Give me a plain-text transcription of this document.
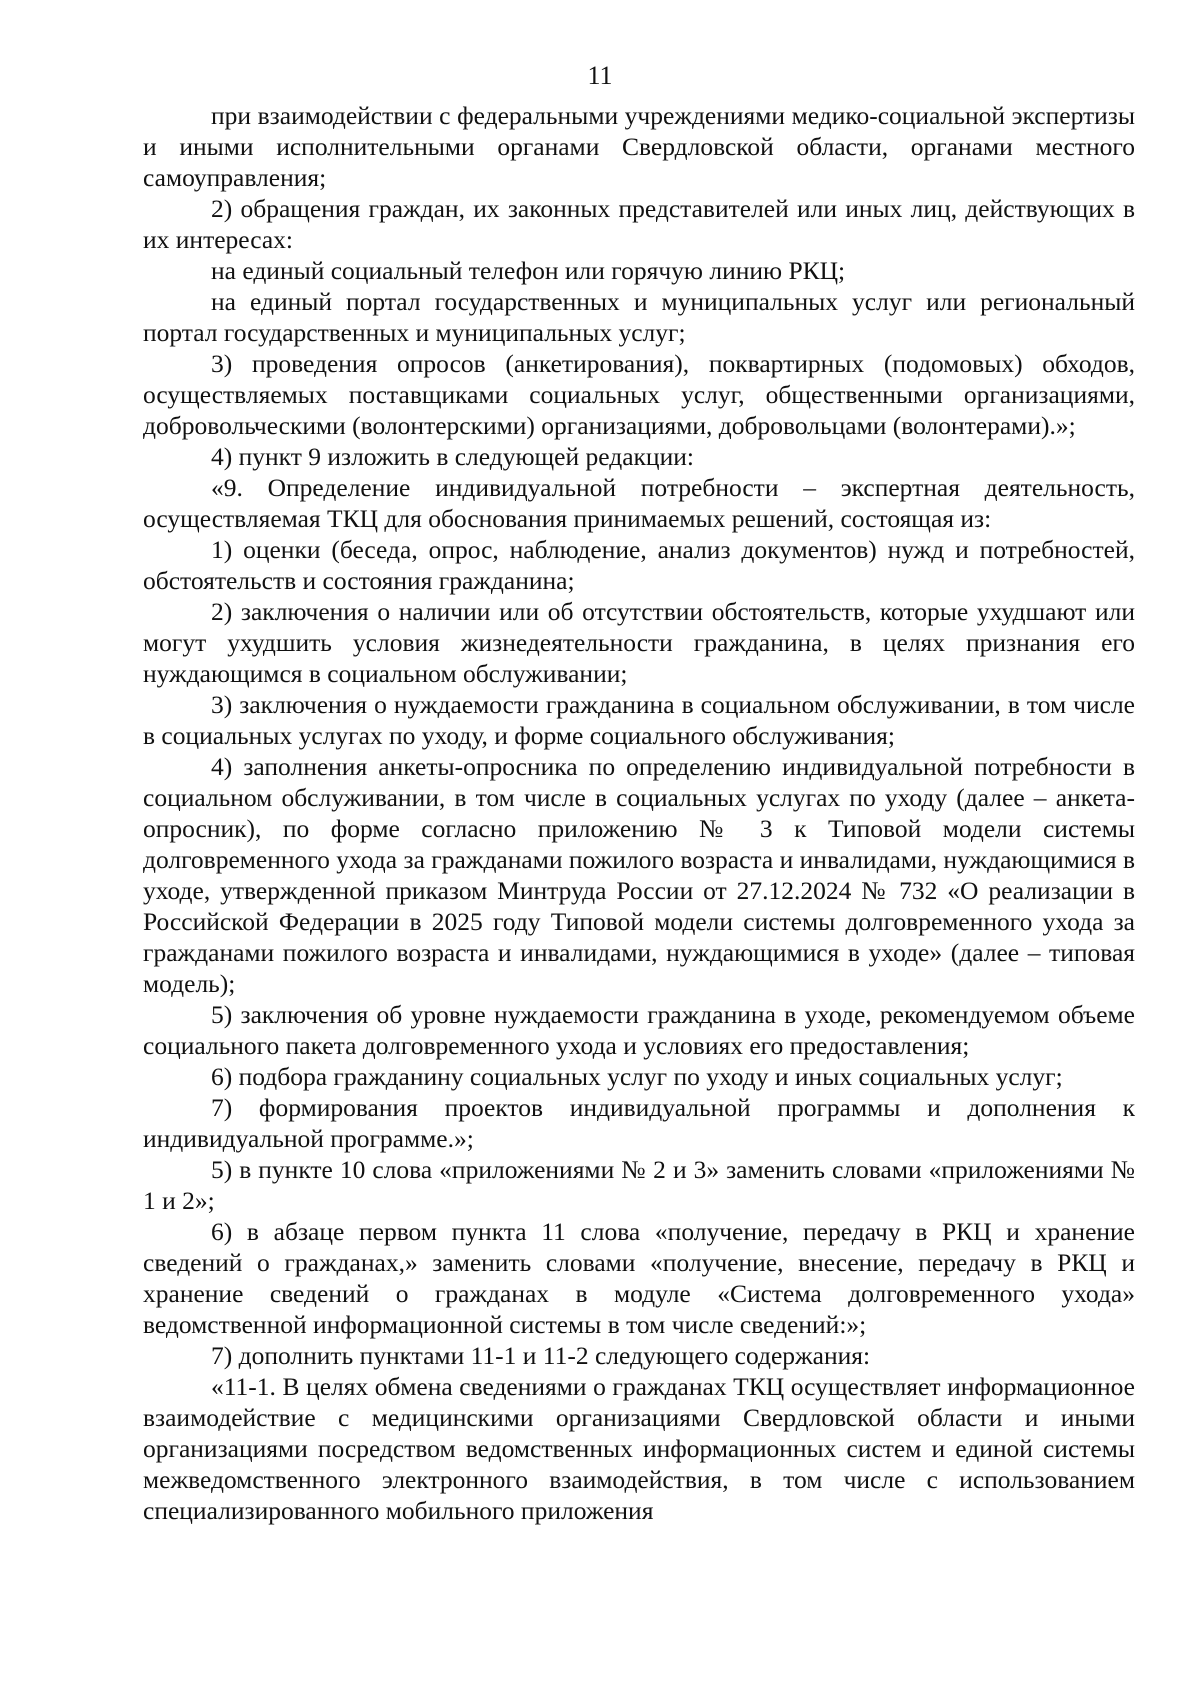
11

при взаимодействии с федеральными учреждениями медико-социальной экспертизы и иными исполнительными органами Свердловской области, органами местного самоуправления;

2) обращения граждан, их законных представителей или иных лиц, действующих в их интересах:

на единый социальный телефон или горячую линию РКЦ;

на единый портал государственных и муниципальных услуг или региональный портал государственных и муниципальных услуг;

3) проведения опросов (анкетирования), поквартирных (подомовых) обходов, осуществляемых поставщиками социальных услуг, общественными организациями, добровольческими (волонтерскими) организациями, добровольцами (волонтерами).»;

4) пункт 9 изложить в следующей редакции:

«9. Определение индивидуальной потребности – экспертная деятельность, осуществляемая ТКЦ для обоснования принимаемых решений, состоящая из:

1) оценки (беседа, опрос, наблюдение, анализ документов) нужд и потребностей, обстоятельств и состояния гражданина;

2) заключения о наличии или об отсутствии обстоятельств, которые ухудшают или могут ухудшить условия жизнедеятельности гражданина, в целях признания его нуждающимся в социальном обслуживании;

3) заключения о нуждаемости гражданина в социальном обслуживании, в том числе в социальных услугах по уходу, и форме социального обслуживания;

4) заполнения анкеты-опросника по определению индивидуальной потребности в социальном обслуживании, в том числе в социальных услугах по уходу (далее – анкета-опросник), по форме согласно приложению № 3 к Типовой модели системы долговременного ухода за гражданами пожилого возраста и инвалидами, нуждающимися в уходе, утвержденной приказом Минтруда России от 27.12.2024 № 732 «О реализации в Российской Федерации в 2025 году Типовой модели системы долговременного ухода за гражданами пожилого возраста и инвалидами, нуждающимися в уходе» (далее – типовая модель);

5) заключения об уровне нуждаемости гражданина в уходе, рекомендуемом объеме социального пакета долговременного ухода и условиях его предоставления;

6) подбора гражданину социальных услуг по уходу и иных социальных услуг;

7) формирования проектов индивидуальной программы и дополнения к индивидуальной программе.»;

5) в пункте 10 слова «приложениями № 2 и 3» заменить словами «приложениями № 1 и 2»;

6) в абзаце первом пункта 11 слова «получение, передачу в РКЦ и хранение сведений о гражданах,» заменить словами «получение, внесение, передачу в РКЦ и хранение сведений о гражданах в модуле «Система долговременного ухода» ведомственной информационной системы в том числе сведений:»;

7) дополнить пунктами 11-1 и 11-2 следующего содержания:

«11-1. В целях обмена сведениями о гражданах ТКЦ осуществляет информационное взаимодействие с медицинскими организациями Свердловской области и иными организациями посредством ведомственных информационных систем и единой системы межведомственного электронного взаимодействия, в том числе с использованием специализированного мобильного приложения
